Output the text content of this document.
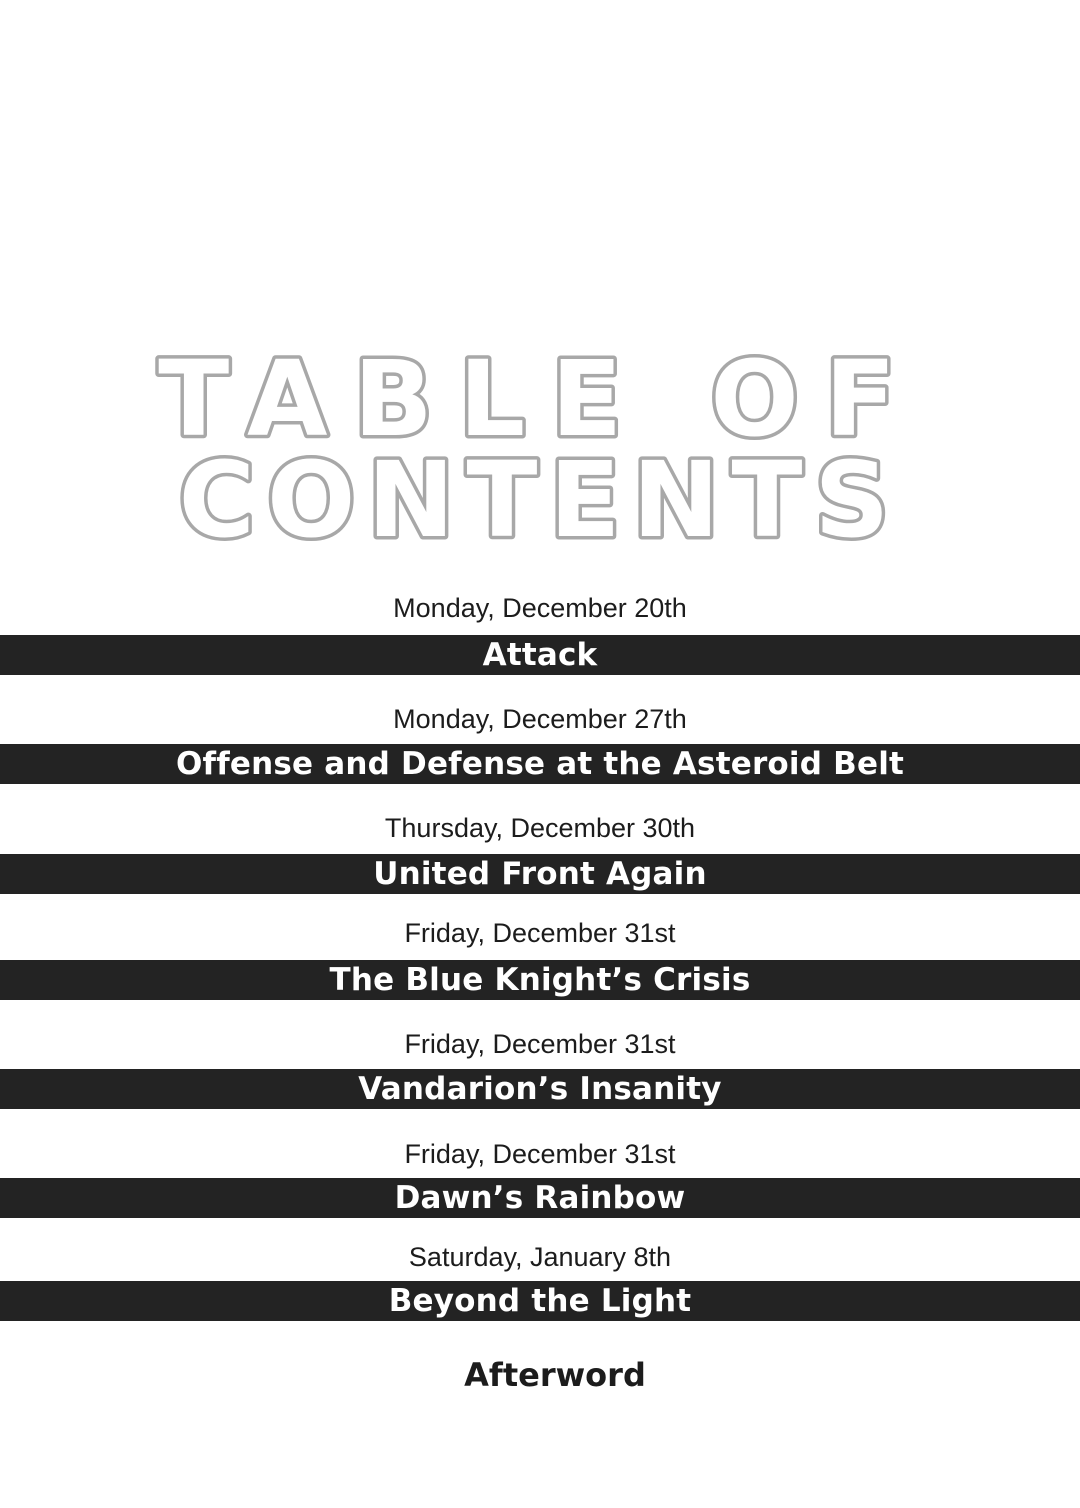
TABLE OF
CONTENTS
Monday, December 20th
Attack
Monday, December 27th
Offense and Defense at the Asteroid Belt
Thursday, December 30th
United Front Again
Friday, December 31st
The Blue Knight’s Crisis
Friday, December 31st
Vandarion’s Insanity
Friday, December 31st
Dawn’s Rainbow
Saturday, January 8th
Beyond the Light
Afterword
